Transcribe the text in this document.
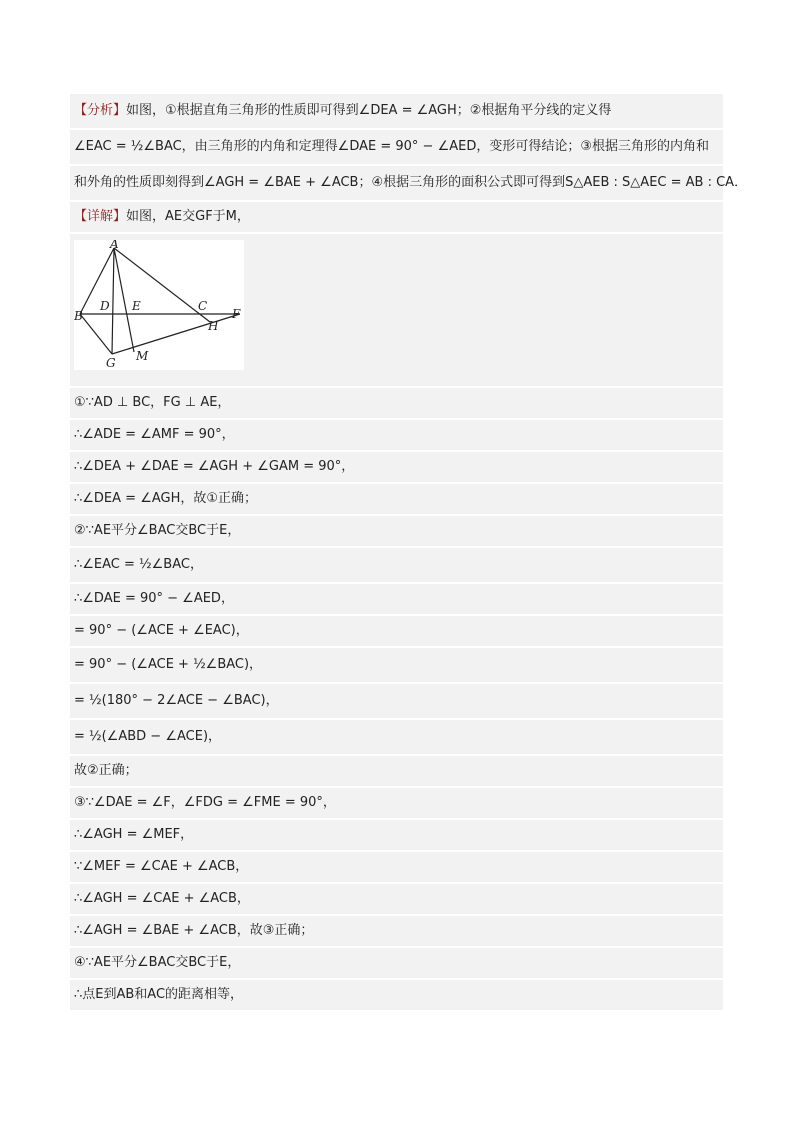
【分析】如图，①根据直角三角形的性质即可得到∠DEA = ∠AGH；②根据角平分线的定义得
∠EAC = ½∠BAC，由三角形的内角和定理得∠DAE = 90° − ∠AED，变形可得结论；③根据三角形的内角和
和外角的性质即刻得到∠AGH = ∠BAE + ∠ACB；④根据三角形的面积公式即可得到S△AEB : S△AEC = AB : CA．
【详解】如图，AE交GF于M，
A
B
D E	C
F
H
G M
①∵AD ⊥ BC，FG ⊥ AE，
∴∠ADE = ∠AMF = 90°，
∴∠DEA + ∠DAE = ∠AGH + ∠GAM = 90°，
∴∠DEA = ∠AGH，故①正确；
②∵AE平分∠BAC交BC于E，
∴∠EAC = ½∠BAC，
∴∠DAE = 90° − ∠AED，
= 90° − (∠ACE + ∠EAC)，
= 90° − (∠ACE + ½∠BAC)，
= ½(180° − 2∠ACE − ∠BAC)，
= ½(∠ABD − ∠ACE)，
故②正确；
③∵∠DAE = ∠F，∠FDG = ∠FME = 90°，
∴∠AGH = ∠MEF，
∵∠MEF = ∠CAE + ∠ACB，
∴∠AGH = ∠CAE + ∠ACB，
∴∠AGH = ∠BAE + ∠ACB，故③正确；
④∵AE平分∠BAC交BC于E，
∴点E到AB和AC的距离相等，
